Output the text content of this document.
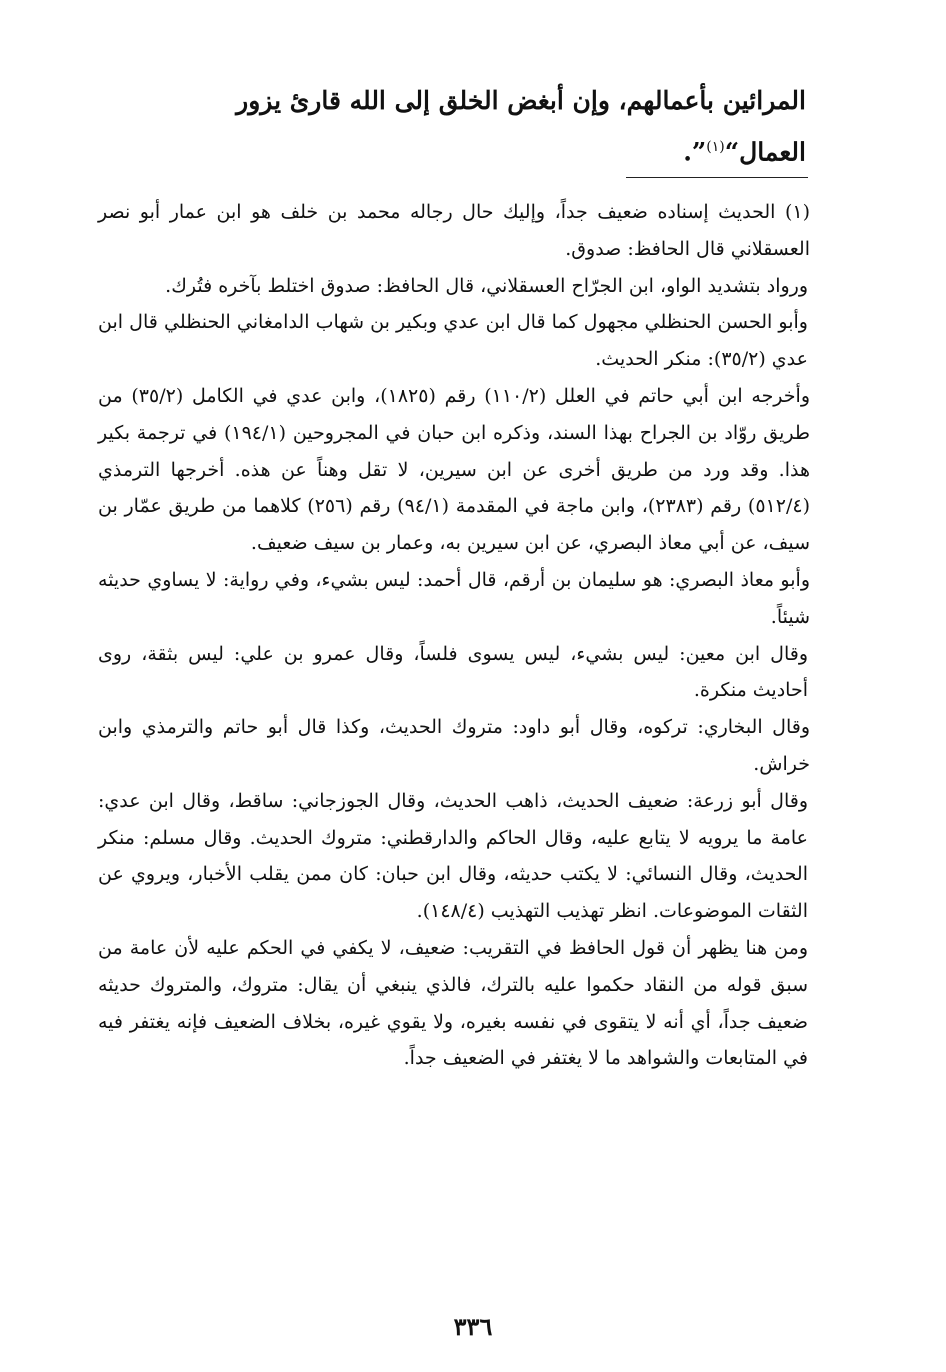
المرائين بأعمالهم، وإن أبغض الخلق إلى الله قارئ يزور العمال“$^{(١)}$”.

(١) الحديث إسناده ضعيف جداً، وإليك حال رجاله محمد بن خلف هو ابن عمار أبو نصر العسقلاني قال الحافظ: صدوق.

ورواد بتشديد الواو، ابن الجرّاح العسقلاني، قال الحافظ: صدوق اختلط بآخره فتُرك.

وأبو الحسن الحنظلي مجهول كما قال ابن عدي وبكير بن شهاب الدامغاني الحنظلي قال ابن عدي (٣٥/٢): منكر الحديث.

وأخرجه ابن أبي حاتم في العلل (١١٠/٢) رقم (١٨٢٥)، وابن عدي في الكامل (٣٥/٢) من طريق روّاد بن الجراح بهذا السند، وذكره ابن حبان في المجروحين (١٩٤/١) في ترجمة بكير هذا. وقد ورد من طريق أخرى عن ابن سيرين، لا تقل وهناً عن هذه. أخرجها الترمذي (٥١٢/٤) رقم (٢٣٨٣)، وابن ماجة في المقدمة (٩٤/١) رقم (٢٥٦) كلاهما من طريق عمّار بن سيف، عن أبي معاذ البصري، عن ابن سيرين به، وعمار بن سيف ضعيف.

وأبو معاذ البصري: هو سليمان بن أرقم، قال أحمد: ليس بشيء، وفي رواية: لا يساوي حديثه شيئاً.

وقال ابن معين: ليس بشيء، ليس يسوى فلساً، وقال عمرو بن علي: ليس بثقة، روى أحاديث منكرة.

وقال البخاري: تركوه، وقال أبو داود: متروك الحديث، وكذا قال أبو حاتم والترمذي وابن خراش.

وقال أبو زرعة: ضعيف الحديث، ذاهب الحديث، وقال الجوزجاني: ساقط، وقال ابن عدي: عامة ما يرويه لا يتابع عليه، وقال الحاكم والدارقطني: متروك الحديث. وقال مسلم: منكر الحديث، وقال النسائي: لا يكتب حديثه، وقال ابن حبان: كان ممن يقلب الأخبار، ويروي عن الثقات الموضوعات. انظر تهذيب التهذيب (١٤٨/٤).

ومن هنا يظهر أن قول الحافظ في التقريب: ضعيف، لا يكفي في الحكم عليه لأن عامة من سبق قوله من النقاد حكموا عليه بالترك، فالذي ينبغي أن يقال: متروك، والمتروك حديثه ضعيف جداً، أي أنه لا يتقوى في نفسه بغيره، ولا يقوي غيره، بخلاف الضعيف فإنه يغتفر فيه في المتابعات والشواهد ما لا يغتفر في الضعيف جداً.

٣٣٦
